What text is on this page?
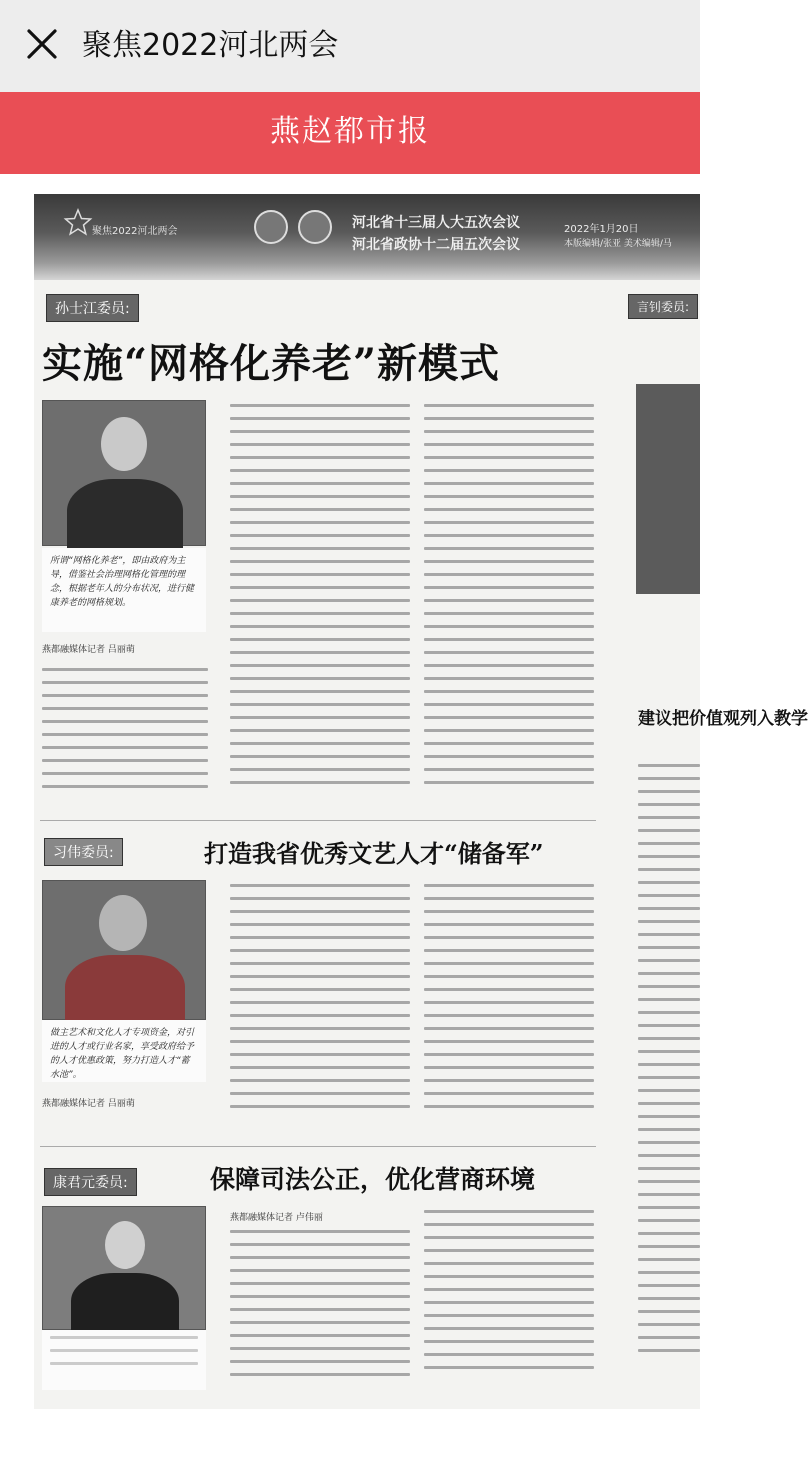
聚焦2022河北两会
燕赵都市报
聚焦2022河北两会
河北省十三届人大五次会议
河北省政协十二届五次会议
2022年1月20日
本版编辑/张亚 美术编辑/马
孙士江委员:
实施“网格化养老”新模式
所谓“网格化养老”，即由政府为主导，借鉴社会治理网格化管理的理念，根据老年人的分布状况，进行健康养老的网格规划。
燕都融媒体记者 吕丽萌
习伟委员:	打造我省优秀文艺人才“储备军”
做主艺术和文化人才专项资金，对引进的人才或行业名家，享受政府给予的人才优惠政策，努力打造人才“蓄水池”。
燕都融媒体记者 吕丽萌
康君元委员:	保障司法公正，优化营商环境
燕都融媒体记者 卢伟丽
言钊委员:
建议把价值观列入教学
